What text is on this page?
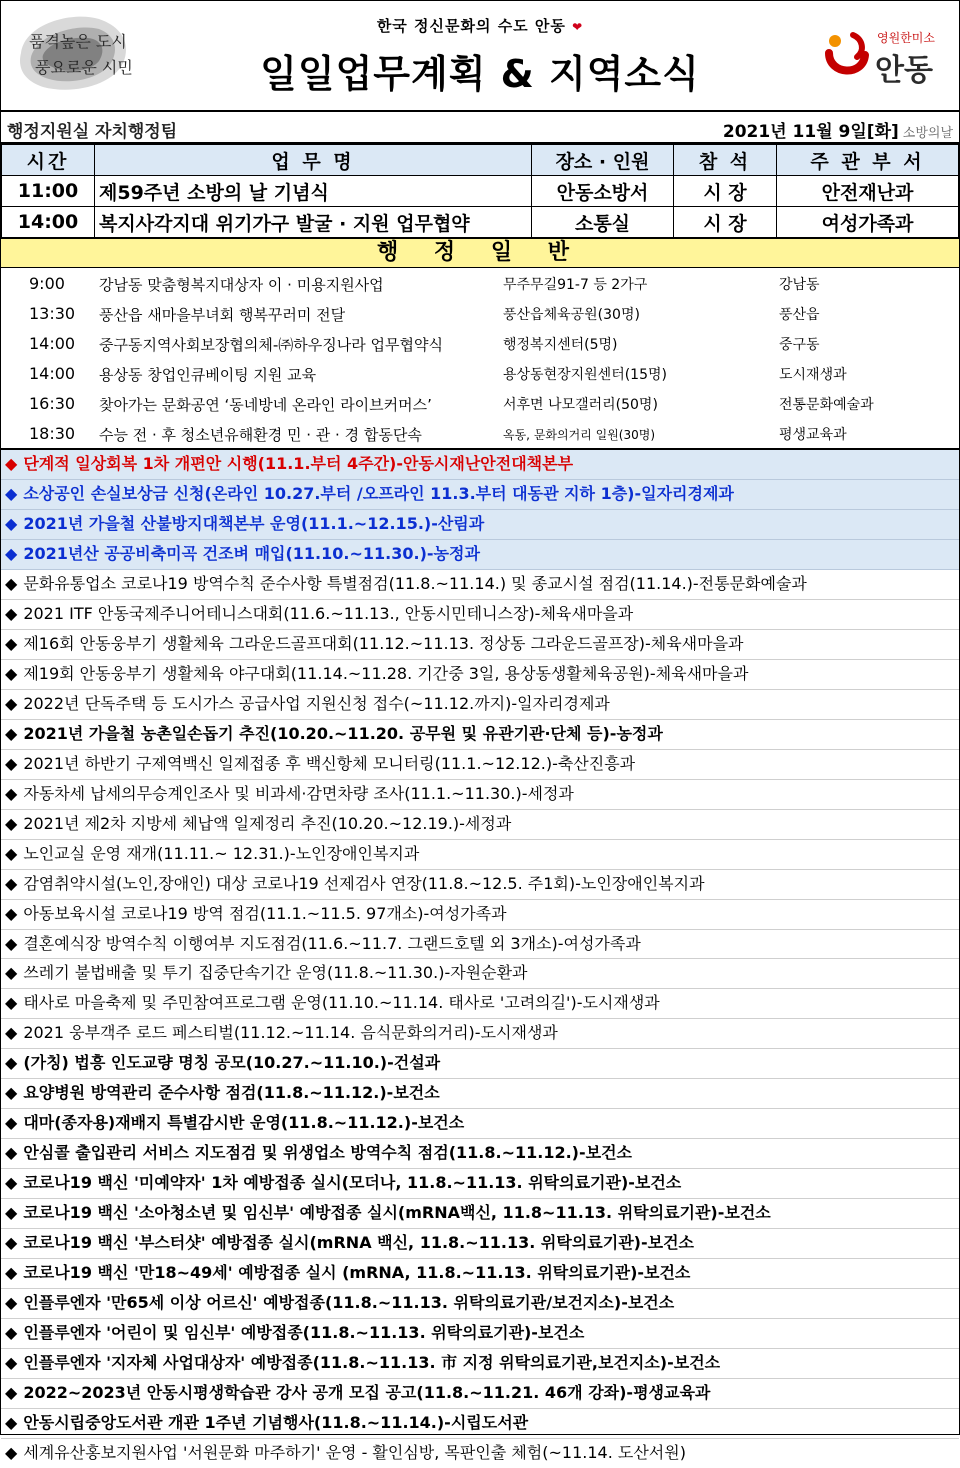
품격높은 도시
풍요로운 시민
한국 정신문화의 수도 안동 ❤
일일업무계획 & 지역소식
영원한미소
안동
행정지원실 자치행정팀	2021년 11월 9일[화] 소방의날
시간	업 무 명	장소 · 인원	참 석	주 관 부 서
11:00	제59주년 소방의 날 기념식	안동소방서	시 장	안전재난과
14:00	복지사각지대 위기가구 발굴 · 지원 업무협약	소통실	시 장	여성가족과
행 정 일 반
9:00	강남동 맞춤형복지대상자 이 · 미용지원사업	무주무길91-7 등 2가구	강남동
13:30	풍산읍 새마을부녀회 행복꾸러미 전달	풍산읍체육공원(30명)	풍산읍
14:00	중구동지역사회보장협의체-㈜하우징나라 업무협약식	행정복지센터(5명)	중구동
14:00	용상동 창업인큐베이팅 지원 교육	용상동현장지원센터(15명)	도시재생과
16:30	찾아가는 문화공연 ‘동네방네 온라인 라이브커머스’	서후면 나모갤러리(50명)	전통문화예술과
18:30	수능 전 · 후 청소년유해환경 민 · 관 · 경 합동단속	옥동, 문화의거리 일원(30명)	평생교육과
◆ 단계적 일상회복 1차 개편안 시행(11.1.부터 4주간)-안동시재난안전대책본부
◆ 소상공인 손실보상금 신청(온라인 10.27.부터 /오프라인 11.3.부터 대동관 지하 1층)-일자리경제과
◆ 2021년 가을철 산불방지대책본부 운영(11.1.~12.15.)-산림과
◆ 2021년산 공공비축미곡 건조벼 매입(11.10.~11.30.)-농정과
◆ 문화유통업소 코로나19 방역수칙 준수사항 특별점검(11.8.~11.14.) 및 종교시설 점검(11.14.)-전통문화예술과
◆ 2021 ITF 안동국제주니어테니스대회(11.6.~11.13., 안동시민테니스장)-체육새마을과
◆ 제16회 안동웅부기 생활체육 그라운드골프대회(11.12.~11.13. 정상동 그라운드골프장)-체육새마을과
◆ 제19회 안동웅부기 생활체육 야구대회(11.14.~11.28. 기간중 3일, 용상동생활체육공원)-체육새마을과
◆ 2022년 단독주택 등 도시가스 공급사업 지원신청 접수(~11.12.까지)-일자리경제과
◆ 2021년 가을철 농촌일손돕기 추진(10.20.~11.20. 공무원 및 유관기관·단체 등)-농정과
◆ 2021년 하반기 구제역백신 일제접종 후 백신항체 모니터링(11.1.~12.12.)-축산진흥과
◆ 자동차세 납세의무승계인조사 및 비과세·감면차량 조사(11.1.~11.30.)-세정과
◆ 2021년 제2차 지방세 체납액 일제정리 추진(10.20.~12.19.)-세정과
◆ 노인교실 운영 재개(11.11.~ 12.31.)-노인장애인복지과
◆ 감염취약시설(노인,장애인) 대상 코로나19 선제검사 연장(11.8.~12.5. 주1회)-노인장애인복지과
◆ 아동보육시설 코로나19 방역 점검(11.1.~11.5. 97개소)-여성가족과
◆ 결혼예식장 방역수칙 이행여부 지도점검(11.6.~11.7. 그랜드호텔 외 3개소)-여성가족과
◆ 쓰레기 불법배출 및 투기 집중단속기간 운영(11.8.~11.30.)-자원순환과
◆ 태사로 마을축제 및 주민참여프로그램 운영(11.10.~11.14. 태사로 '고려의길')-도시재생과
◆ 2021 웅부객주 로드 페스티벌(11.12.~11.14. 음식문화의거리)-도시재생과
◆ (가칭) 법흥 인도교량 명칭 공모(10.27.~11.10.)-건설과
◆ 요양병원 방역관리 준수사항 점검(11.8.~11.12.)-보건소
◆ 대마(종자용)재배지 특별감시반 운영(11.8.~11.12.)-보건소
◆ 안심콜 출입관리 서비스 지도점검 및 위생업소 방역수칙 점검(11.8.~11.12.)-보건소
◆ 코로나19 백신 '미예약자' 1차 예방접종 실시(모더나, 11.8.~11.13. 위탁의료기관)-보건소
◆ 코로나19 백신 '소아청소년 및 임신부' 예방접종 실시(mRNA백신, 11.8~11.13. 위탁의료기관)-보건소
◆ 코로나19 백신 '부스터샷' 예방접종 실시(mRNA 백신, 11.8.~11.13. 위탁의료기관)-보건소
◆ 코로나19 백신 '만18~49세' 예방접종 실시 (mRNA, 11.8.~11.13. 위탁의료기관)-보건소
◆ 인플루엔자 '만65세 이상 어르신' 예방접종(11.8.~11.13. 위탁의료기관/보건지소)-보건소
◆ 인플루엔자 '어린이 및 임신부' 예방접종(11.8.~11.13. 위탁의료기관)-보건소
◆ 인플루엔자 '지자체 사업대상자' 예방접종(11.8.~11.13. 市 지정 위탁의료기관,보건지소)-보건소
◆ 2022~2023년 안동시평생학습관 강사 공개 모집 공고(11.8.~11.21. 46개 강좌)-평생교육과
◆ 안동시립중앙도서관 개관 1주년 기념행사(11.8.~11.14.)-시립도서관
◆ 세계유산홍보지원사업 '서원문화 마주하기' 운영 - 활인심방, 목판인출 체험(~11.14. 도산서원)
